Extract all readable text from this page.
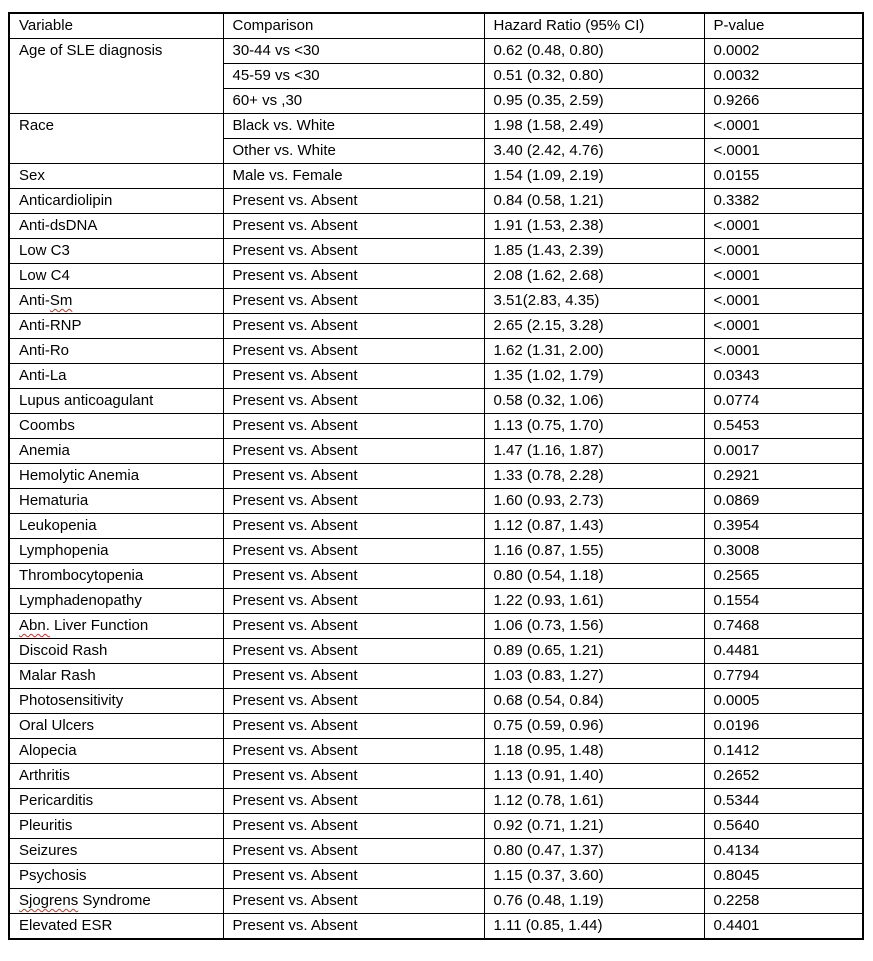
Variable	Comparison	Hazard Ratio (95% CI)	P-value
Age of SLE diagnosis	30-44 vs <30	0.62 (0.48, 0.80)	0.0002
	45-59 vs <30	0.51 (0.32, 0.80)	0.0032
	60+ vs ,30	0.95 (0.35, 2.59)	0.9266
Race	Black vs. White	1.98 (1.58, 2.49)	<.0001
	Other vs. White	3.40 (2.42, 4.76)	<.0001
Sex	Male vs. Female	1.54 (1.09, 2.19)	0.0155
Anticardiolipin	Present vs. Absent	0.84 (0.58, 1.21)	0.3382
Anti-dsDNA	Present vs. Absent	1.91 (1.53, 2.38)	<.0001
Low C3	Present vs. Absent	1.85 (1.43, 2.39)	<.0001
Low C4	Present vs. Absent	2.08 (1.62, 2.68)	<.0001
Anti-Sm	Present vs. Absent	3.51(2.83, 4.35)	<.0001
Anti-RNP	Present vs. Absent	2.65 (2.15, 3.28)	<.0001
Anti-Ro	Present vs. Absent	1.62 (1.31, 2.00)	<.0001
Anti-La	Present vs. Absent	1.35 (1.02, 1.79)	0.0343
Lupus anticoagulant	Present vs. Absent	0.58 (0.32, 1.06)	0.0774
Coombs	Present vs. Absent	1.13 (0.75, 1.70)	0.5453
Anemia	Present vs. Absent	1.47 (1.16, 1.87)	0.0017
Hemolytic Anemia	Present vs. Absent	1.33 (0.78, 2.28)	0.2921
Hematuria	Present vs. Absent	1.60 (0.93, 2.73)	0.0869
Leukopenia	Present vs. Absent	1.12 (0.87, 1.43)	0.3954
Lymphopenia	Present vs. Absent	1.16 (0.87, 1.55)	0.3008
Thrombocytopenia	Present vs. Absent	0.80 (0.54, 1.18)	0.2565
Lymphadenopathy	Present vs. Absent	1.22 (0.93, 1.61)	0.1554
Abn. Liver Function	Present vs. Absent	1.06 (0.73, 1.56)	0.7468
Discoid Rash	Present vs. Absent	0.89 (0.65, 1.21)	0.4481
Malar Rash	Present vs. Absent	1.03 (0.83, 1.27)	0.7794
Photosensitivity	Present vs. Absent	0.68 (0.54, 0.84)	0.0005
Oral Ulcers	Present vs. Absent	0.75 (0.59, 0.96)	0.0196
Alopecia	Present vs. Absent	1.18 (0.95, 1.48)	0.1412
Arthritis	Present vs. Absent	1.13 (0.91, 1.40)	0.2652
Pericarditis	Present vs. Absent	1.12 (0.78, 1.61)	0.5344
Pleuritis	Present vs. Absent	0.92 (0.71, 1.21)	0.5640
Seizures	Present vs. Absent	0.80 (0.47, 1.37)	0.4134
Psychosis	Present vs. Absent	1.15 (0.37, 3.60)	0.8045
Sjogrens Syndrome	Present vs. Absent	0.76 (0.48, 1.19)	0.2258
Elevated ESR	Present vs. Absent	1.11 (0.85, 1.44)	0.4401
